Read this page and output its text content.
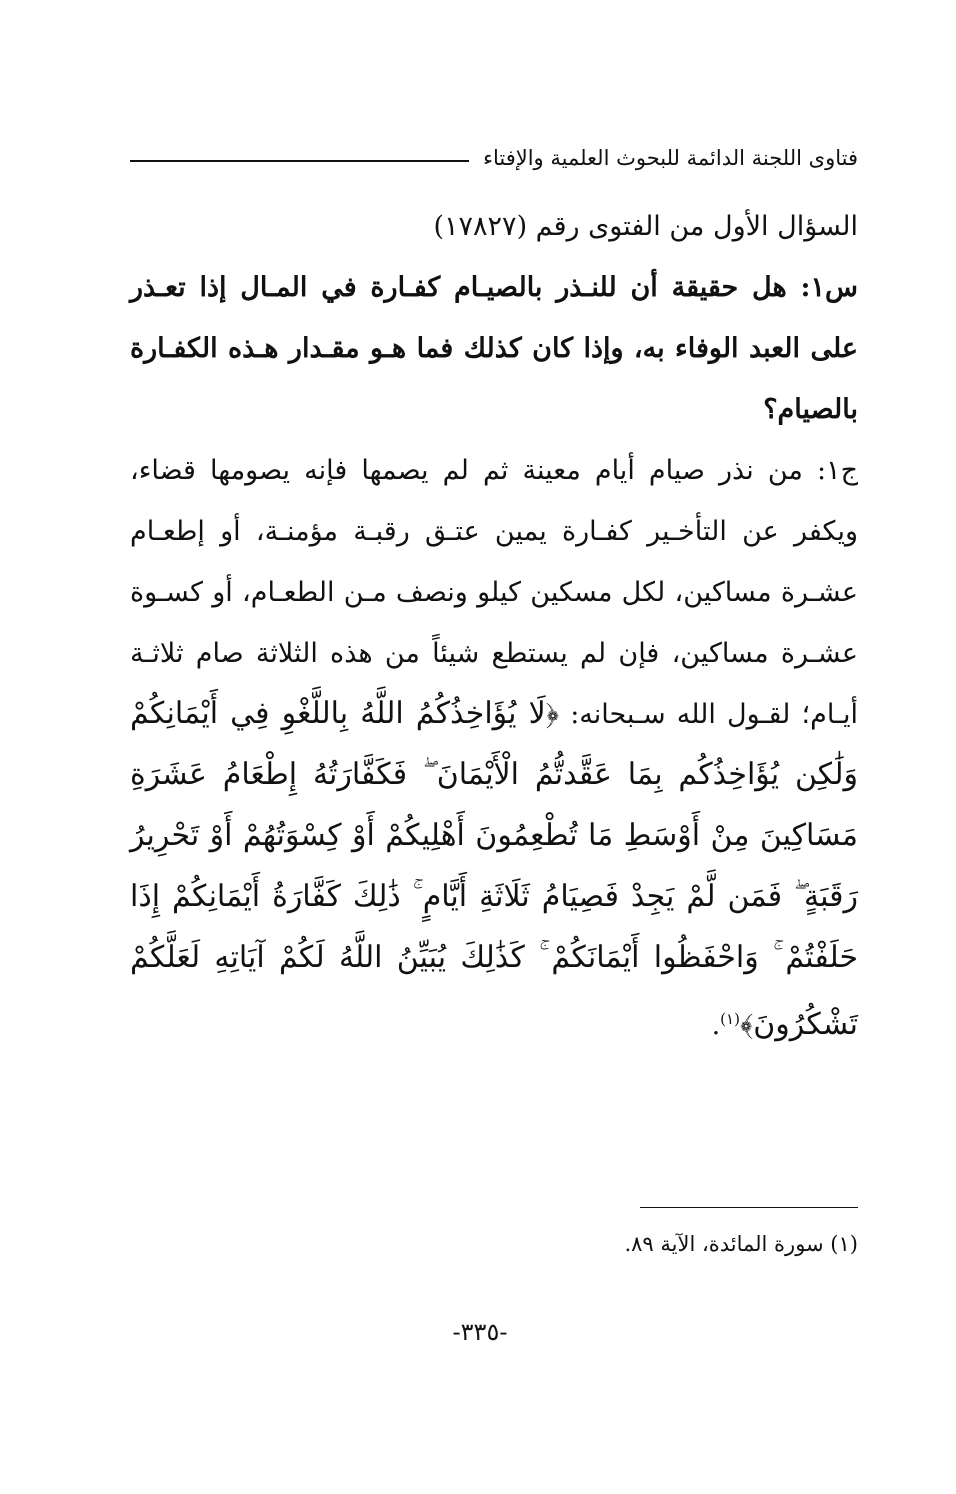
فتاوى اللجنة الدائمة للبحوث العلمية والإفتاء

السؤال الأول من الفتوى رقم (١٧٨٢٧)

س١: هل حقيقة أن للنـذر بالصيـام كفـارة في المـال إذا تعـذر على العبد الوفاء به، وإذا كان كذلك فما هـو مقـدار هـذه الكفـارة بالصيام؟

ج١: من نذر صيام أيام معينة ثم لم يصمها فإنه يصومها قضاء، ويكفر عن التأخـير كفـارة يمين عتـق رقبـة مؤمنـة، أو إطعـام عشـرة مساكين، لكل مسكين كيلو ونصف مـن الطعـام، أو كسـوة عشـرة مساكين، فإن لم يستطع شيئاً من هذه الثلاثة صام ثلاثـة أيـام؛ لقـول الله سـبحانه: ﴿لَا يُؤَاخِذُكُمُ اللَّهُ بِاللَّغْوِ فِي أَيْمَانِكُمْ وَلَٰكِن يُؤَاخِذُكُم بِمَا عَقَّدتُّمُ الْأَيْمَانَ ۖ فَكَفَّارَتُهُ إِطْعَامُ عَشَرَةِ مَسَاكِينَ مِنْ أَوْسَطِ مَا تُطْعِمُونَ أَهْلِيكُمْ أَوْ كِسْوَتُهُمْ أَوْ تَحْرِيرُ رَقَبَةٍ ۖ فَمَن لَّمْ يَجِدْ فَصِيَامُ ثَلَاثَةِ أَيَّامٍ ۚ ذَٰلِكَ كَفَّارَةُ أَيْمَانِكُمْ إِذَا حَلَفْتُمْ ۚ وَاحْفَظُوا أَيْمَانَكُمْ ۚ كَذَٰلِكَ يُبَيِّنُ اللَّهُ لَكُمْ آيَاتِهِ لَعَلَّكُمْ تَشْكُرُونَ﴾$^{(١)}$.

(١) سورة المائدة، الآية ٨٩.
-٣٣٥-
